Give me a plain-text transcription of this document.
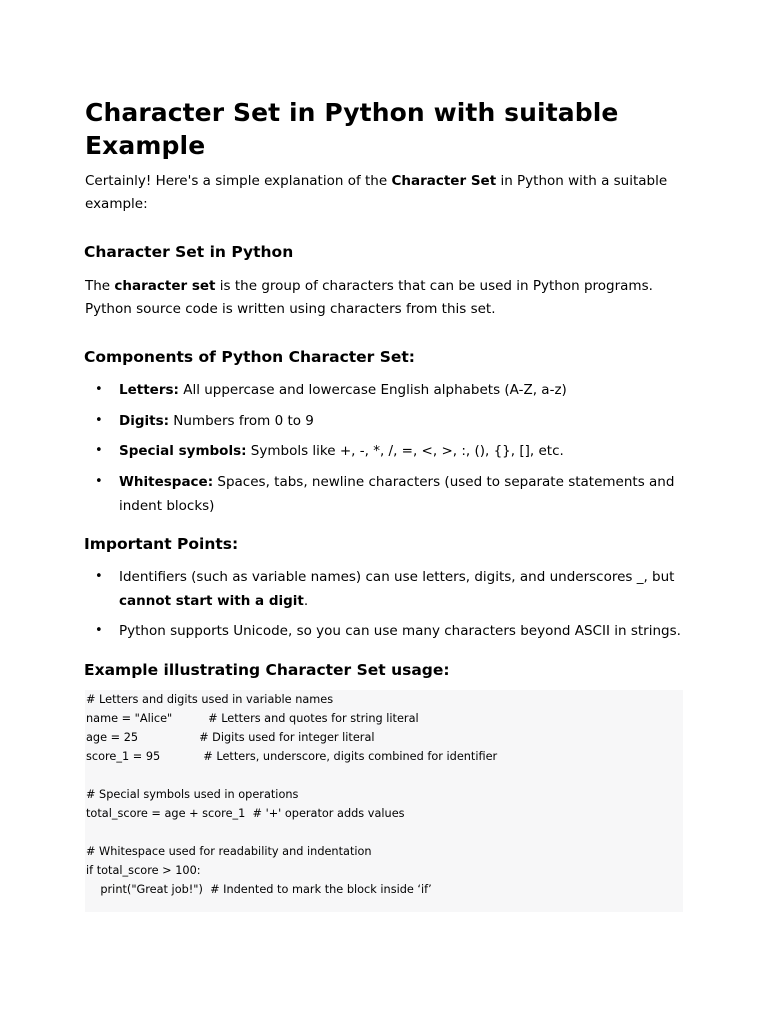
Character Set in Python with suitable Example

Certainly! Here's a simple explanation of the Character Set in Python with a suitable example:

Character Set in Python

The character set is the group of characters that can be used in Python programs. Python source code is written using characters from this set.

Components of Python Character Set:
• Letters: All uppercase and lowercase English alphabets (A-Z, a-z)
• Digits: Numbers from 0 to 9
• Special symbols: Symbols like +, -, *, /, =, <, >, :, (), {}, [], etc.
• Whitespace: Spaces, tabs, newline characters (used to separate statements and indent blocks)
Important Points:
• Identifiers (such as variable names) can use letters, digits, and underscores _, but cannot start with a digit.
• Python supports Unicode, so you can use many characters beyond ASCII in strings.
Example illustrating Character Set usage:
# Letters and digits used in variable names
name = "Alice"          # Letters and quotes for string literal
age = 25                 # Digits used for integer literal
score_1 = 95            # Letters, underscore, digits combined for identifier
# Special symbols used in operations
total_score = age + score_1  # '+' operator adds values
# Whitespace used for readability and indentation
if total_score > 100:
print("Great job!")  # Indented to mark the block inside ‘if’
